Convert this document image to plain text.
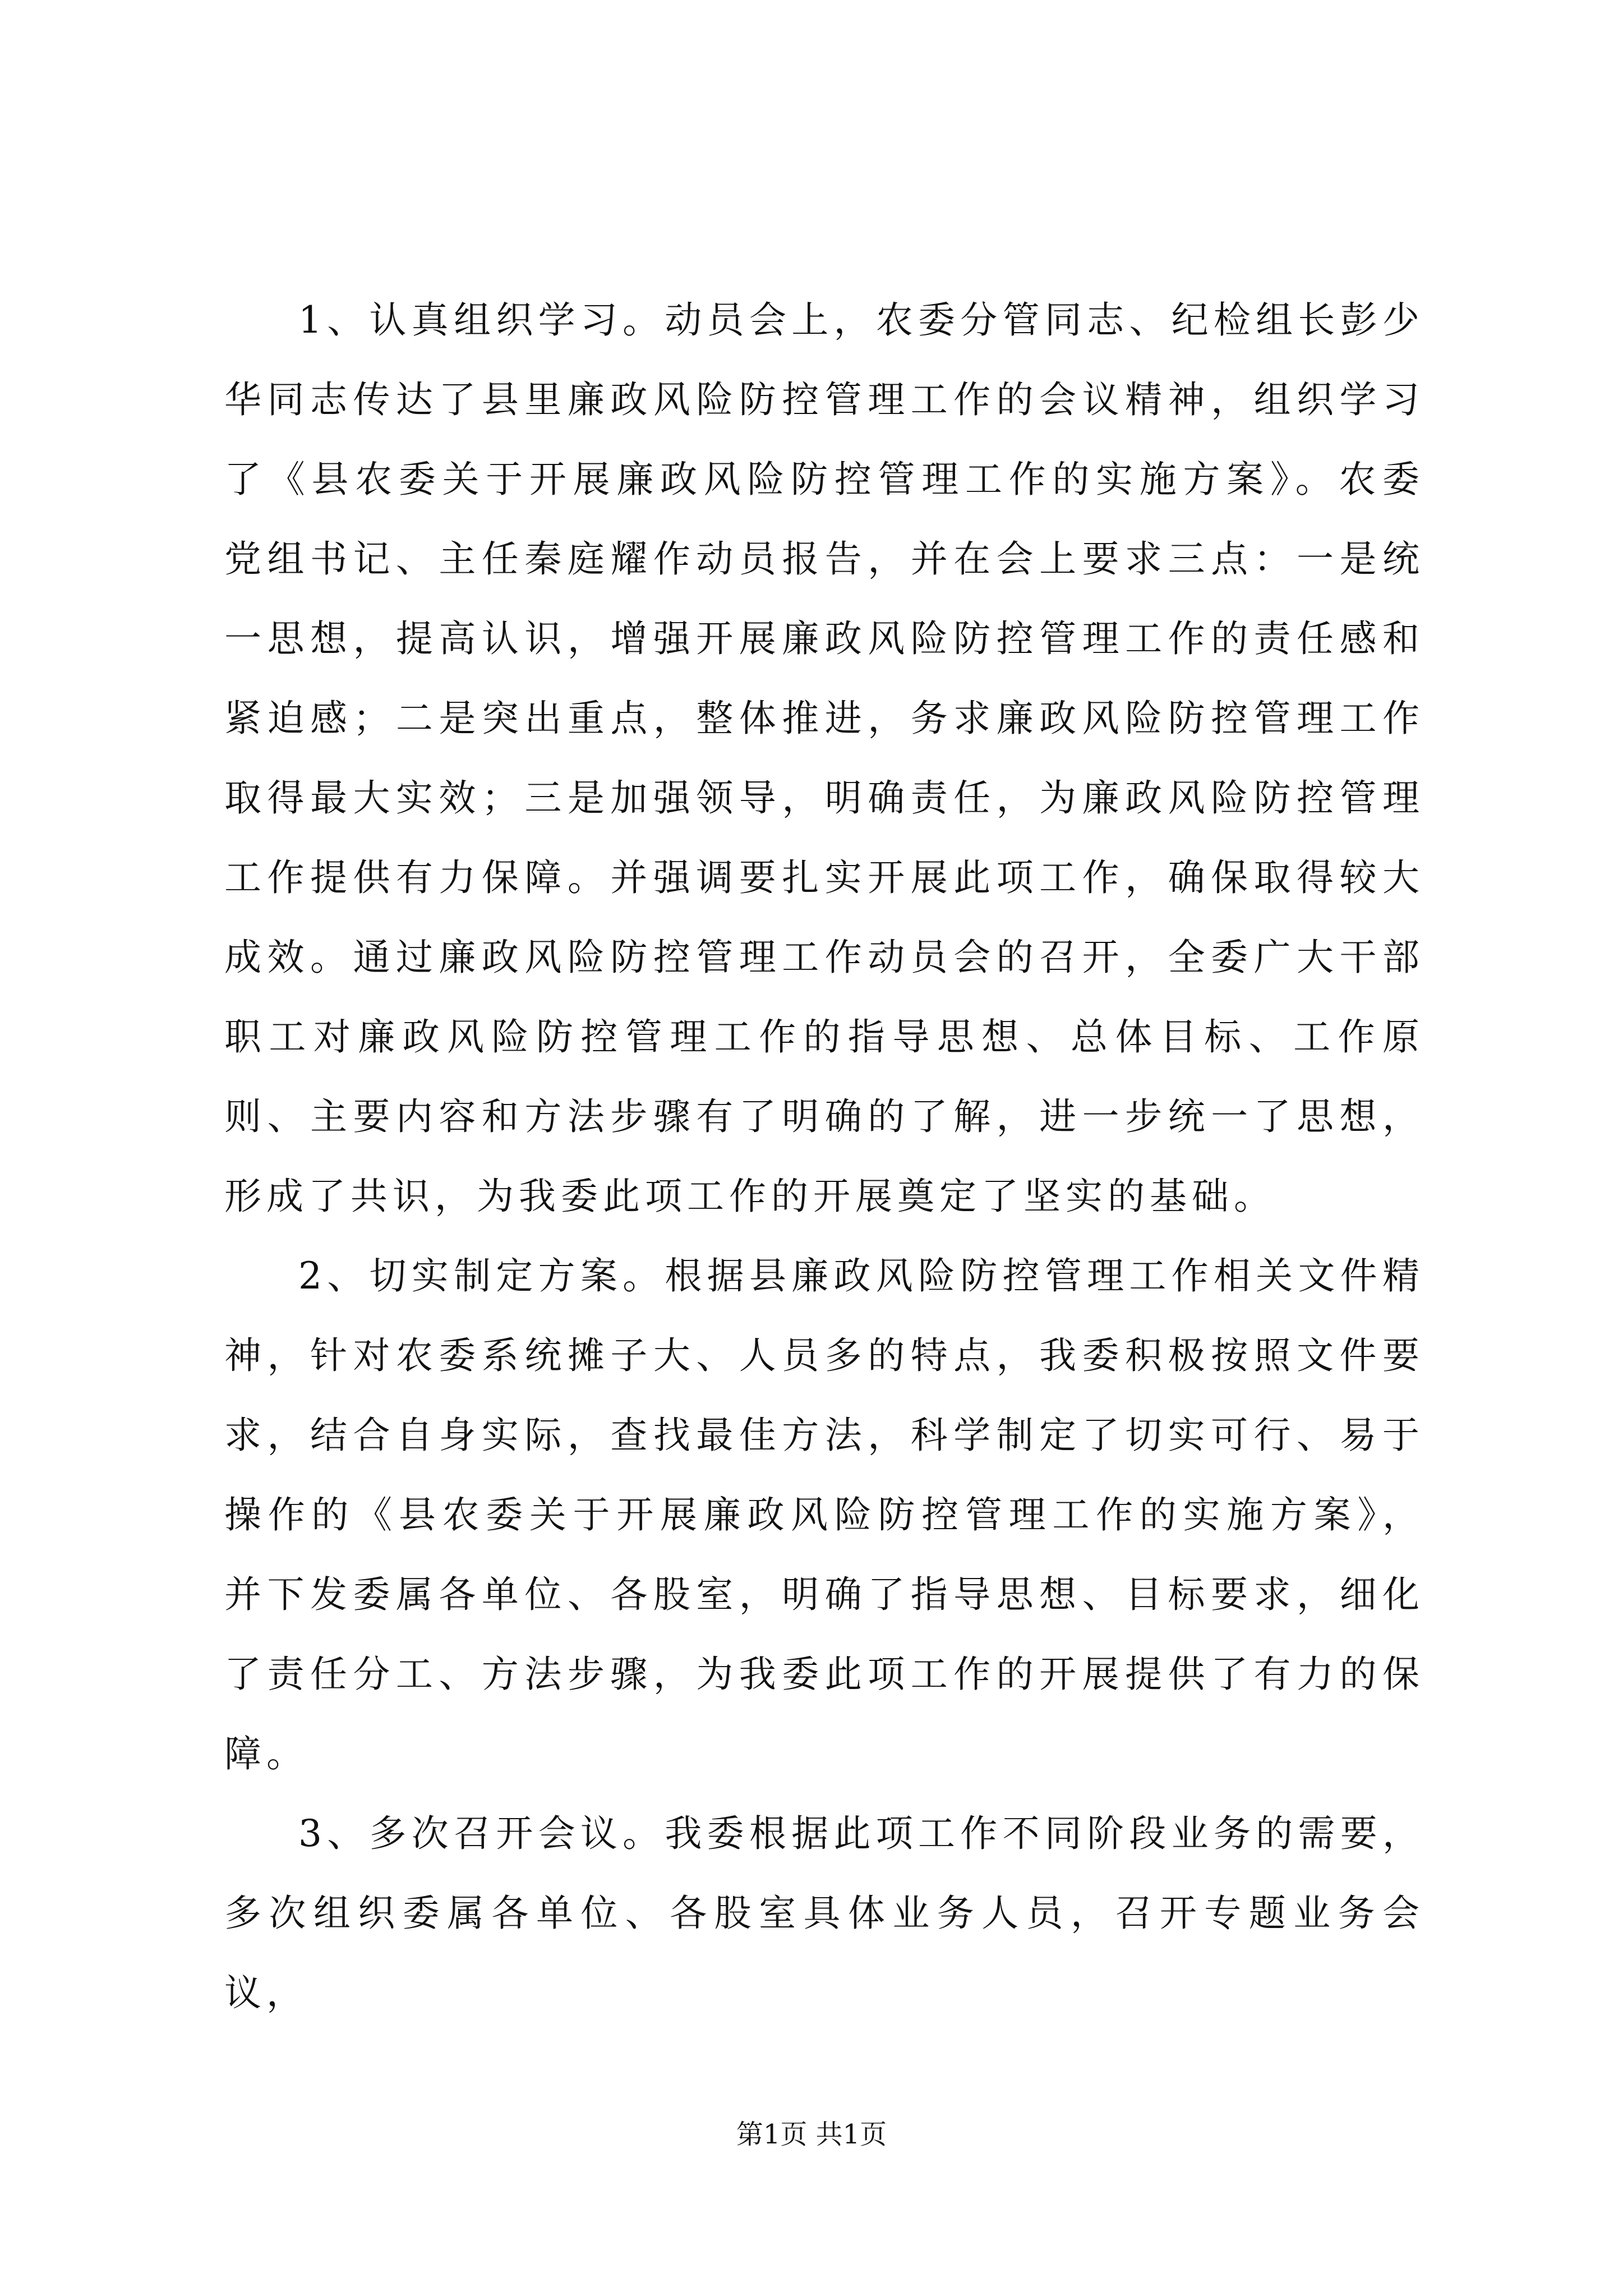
1、认真组织学习。动员会上，农委分管同志、纪检组长彭少华同志传达了县里廉政风险防控管理工作的会议精神，组织学习了《县农委关于开展廉政风险防控管理工作的实施方案》。农委党组书记、主任秦庭耀作动员报告，并在会上要求三点：一是统一思想，提高认识，增强开展廉政风险防控管理工作的责任感和紧迫感；二是突出重点，整体推进，务求廉政风险防控管理工作取得最大实效；三是加强领导，明确责任，为廉政风险防控管理工作提供有力保障。并强调要扎实开展此项工作，确保取得较大成效。通过廉政风险防控管理工作动员会的召开，全委广大干部职工对廉政风险防控管理工作的指导思想、总体目标、工作原则、主要内容和方法步骤有了明确的了解，进一步统一了思想，形成了共识，为我委此项工作的开展奠定了坚实的基础。

2、切实制定方案。根据县廉政风险防控管理工作相关文件精神，针对农委系统摊子大、人员多的特点，我委积极按照文件要求，结合自身实际，查找最佳方法，科学制定了切实可行、易于操作的《县农委关于开展廉政风险防控管理工作的实施方案》，并下发委属各单位、各股室，明确了指导思想、目标要求，细化了责任分工、方法步骤，为我委此项工作的开展提供了有力的保障。

3、多次召开会议。我委根据此项工作不同阶段业务的需要，多次组织委属各单位、各股室具体业务人员，召开专题业务会议，

第1页 共1页
